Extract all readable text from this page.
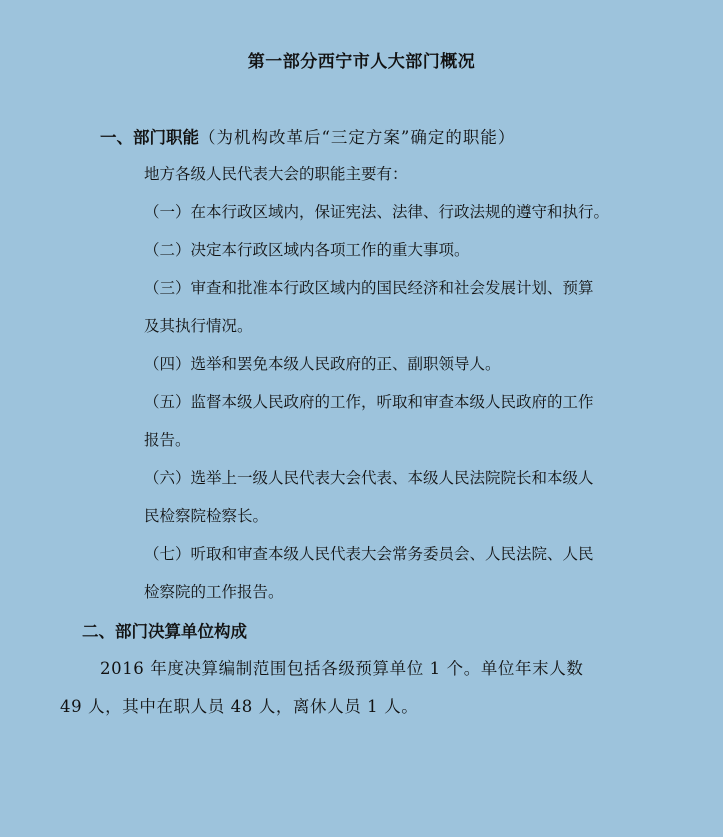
第一部分西宁市人大部门概况
一、部门职能（为机构改革后“三定方案”确定的职能）
地方各级人民代表大会的职能主要有：
（一）在本行政区域内，保证宪法、法律、行政法规的遵守和执行。
（二）决定本行政区域内各项工作的重大事项。
（三）审查和批准本行政区域内的国民经济和社会发展计划、预算
及其执行情况。
（四）选举和罢免本级人民政府的正、副职领导人。
（五）监督本级人民政府的工作，听取和审查本级人民政府的工作
报告。
（六）选举上一级人民代表大会代表、本级人民法院院长和本级人
民检察院检察长。
（七）听取和审查本级人民代表大会常务委员会、人民法院、人民
检察院的工作报告。
二、部门决算单位构成
2016 年度决算编制范围包括各级预算单位 1 个。单位年末人数
49 人，其中在职人员 48 人，离休人员 1 人。
